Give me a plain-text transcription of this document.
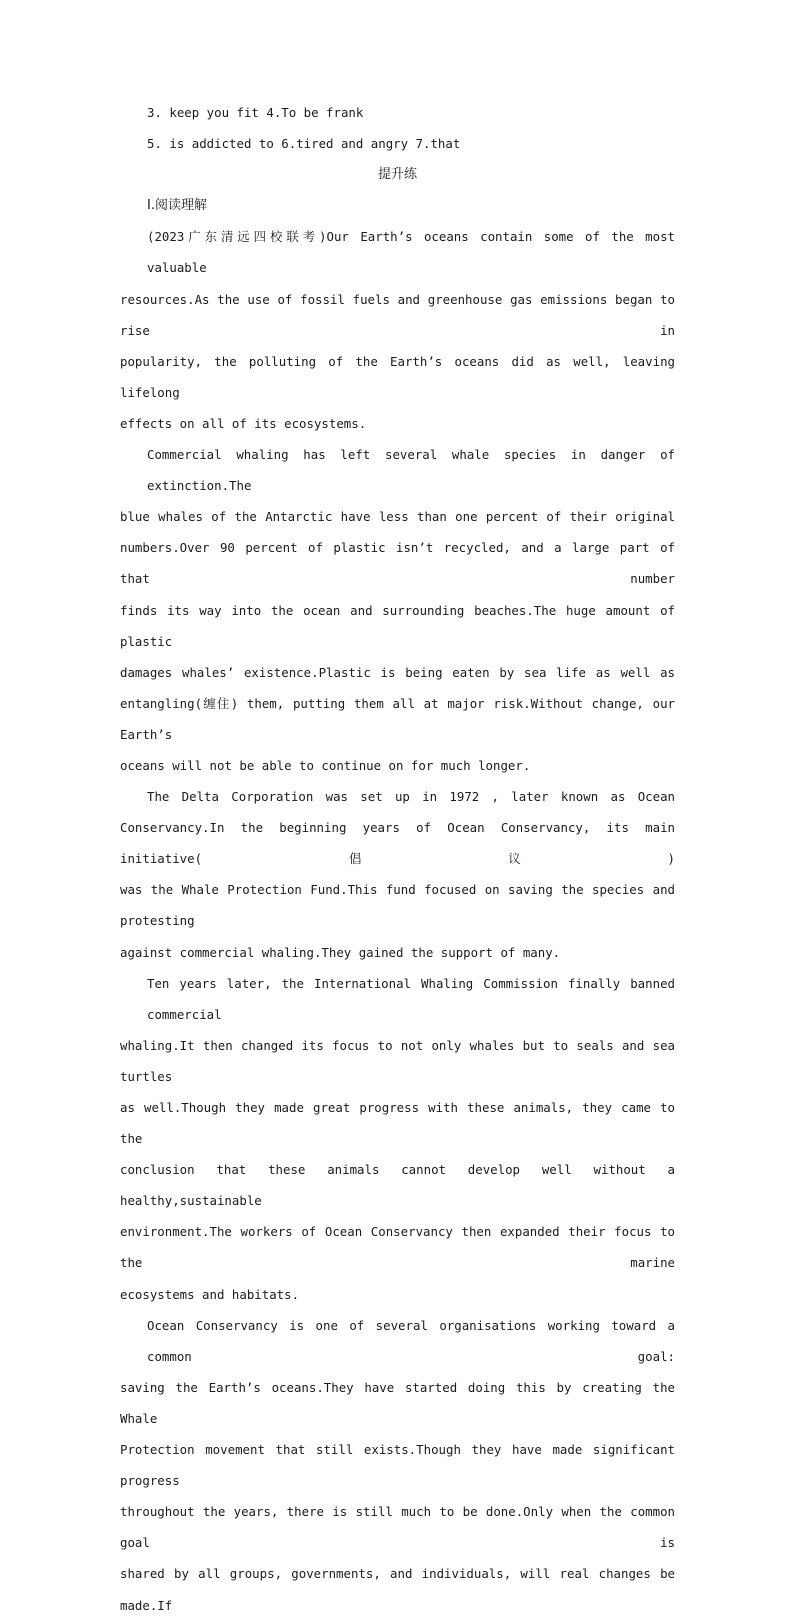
3. keep you fit 4.To be frank

5. is addicted to 6.tired and angry 7.that

提升练

Ⅰ.阅读理解

(2023广东清远四校联考)Our Earth’s oceans contain some of the most valuable
resources.As the use of fossil fuels and greenhouse gas emissions began to rise in
popularity, the polluting of the Earth’s oceans did as well, leaving lifelong
effects on all of its ecosystems.
Commercial whaling has left several whale species in danger of extinction.The
blue whales of the Antarctic have less than one percent of their original
numbers.Over 90 percent of plastic isn’t recycled, and a large part of that number
finds its way into the ocean and surrounding beaches.The huge amount of plastic
damages whales’ existence.Plastic is being eaten by sea life as well as
entangling(缠住) them, putting them all at major risk.Without change, our Earth’s
oceans will not be able to continue on for much longer.
The Delta Corporation was set up in 1972 , later known as Ocean
Conservancy.In the beginning years of Ocean Conservancy, its main initiative(倡议)
was the Whale Protection Fund.This fund focused on saving the species and protesting
against commercial whaling.They gained the support of many.
Ten years later, the International Whaling Commission finally banned commercial
whaling.It then changed its focus to not only whales but to seals and sea turtles
as well.Though they made great progress with these animals, they came to the
conclusion that these animals cannot develop well without a healthy,sustainable
environment.The workers of Ocean Conservancy then expanded their focus to the marine
ecosystems and habitats.
Ocean Conservancy is one of several organisations working toward a common goal:
saving the Earth’s oceans.They have started doing this by creating the Whale
Protection movement that still exists.Though they have made significant progress
throughout the years, there is still much to be done.Only when the common goal is
shared by all groups, governments, and individuals, will real changes be made.If
